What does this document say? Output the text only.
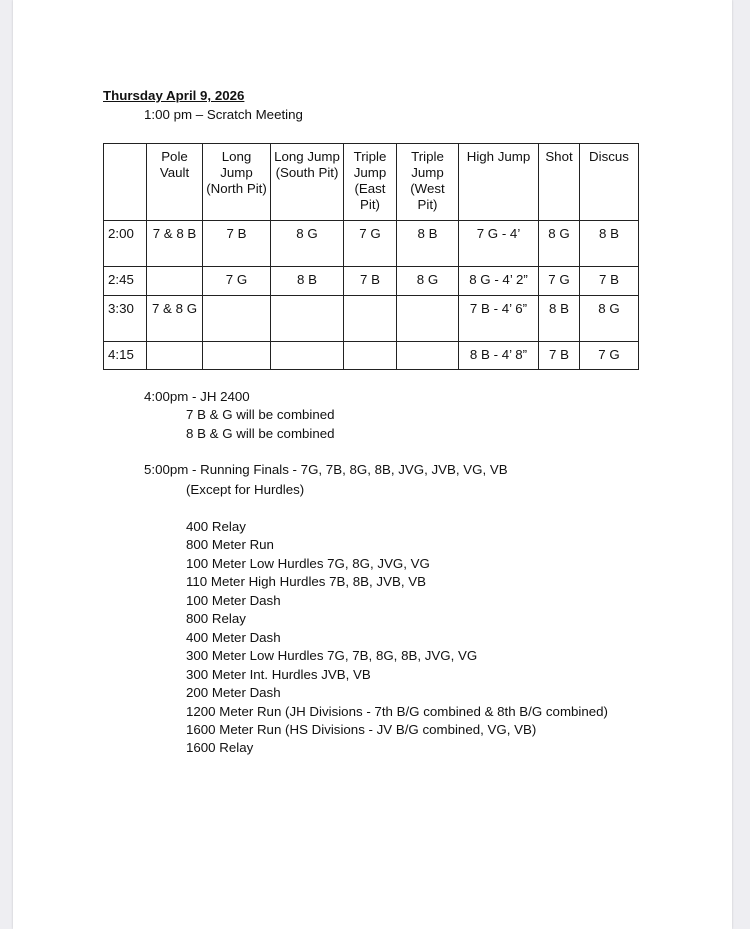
Thursday April 9, 2026
1:00 pm – Scratch Meeting
	Pole Vault	Long Jump (North Pit)	Long Jump (South Pit)	Triple Jump (East Pit)	Triple Jump (West Pit)	High Jump	Shot	Discus
2:00	7 & 8 B	7 B	8 G	7 G	8 B	7 G - 4’	8 G	8 B
2:45		7 G	8 B	7 B	8 G	8 G - 4’ 2”	7 G	7 B
3:30	7 & 8 G					7 B - 4’ 6”	8 B	8 G
4:15						8 B - 4’ 8”	7 B	7 G
4:00pm - JH 2400
7 B & G will be combined
8 B & G will be combined
5:00pm - Running Finals - 7G, 7B, 8G, 8B, JVG, JVB, VG, VB
(Except for Hurdles)
400 Relay
800 Meter Run
100 Meter Low Hurdles 7G, 8G, JVG, VG
110 Meter High Hurdles 7B, 8B, JVB, VB
100 Meter Dash
800 Relay
400 Meter Dash
300 Meter Low Hurdles 7G, 7B, 8G, 8B, JVG, VG
300 Meter Int. Hurdles JVB, VB
200 Meter Dash
1200 Meter Run (JH Divisions - 7th B/G combined & 8th B/G combined)
1600 Meter Run (HS Divisions - JV B/G combined, VG, VB)
1600 Relay
